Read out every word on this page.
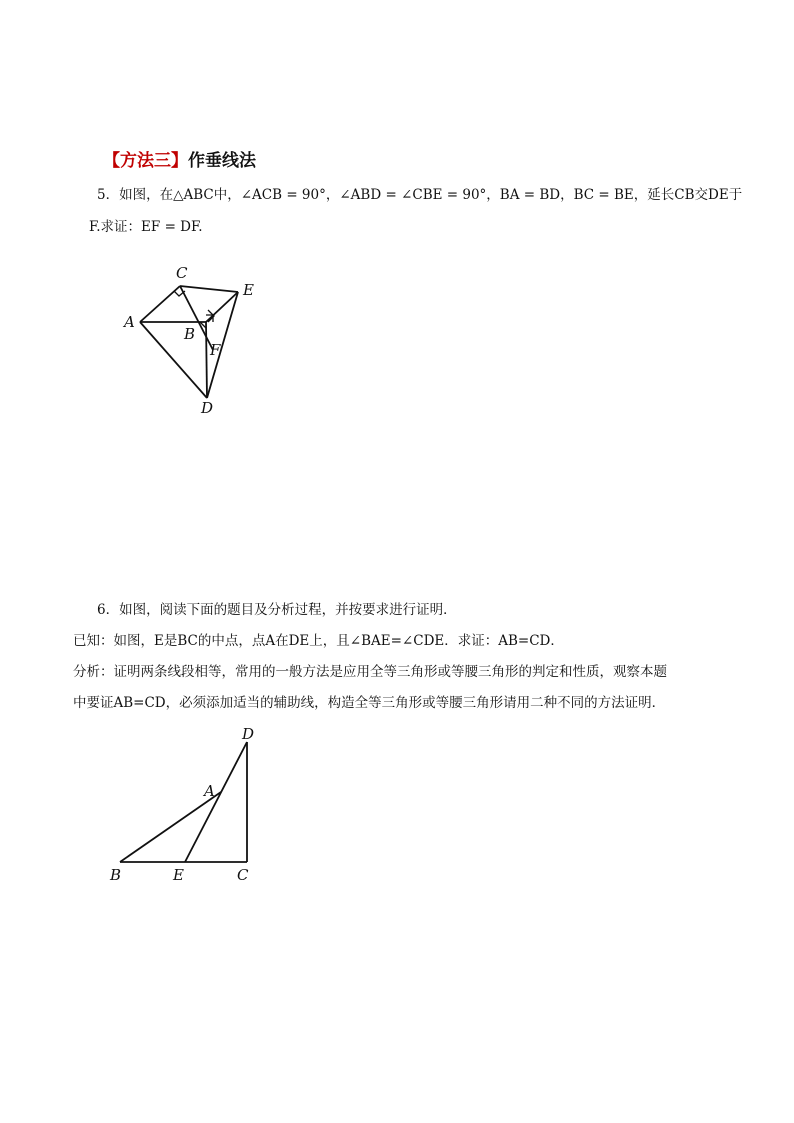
【方法三】作垂线法
5．如图，在△ABC中，∠ACB = 90°，∠ABD = ∠CBE = 90°，BA = BD，BC = BE，延长CB交DE于
F.求证：EF = DF.
A
C
E
B
F
D
6．如图，阅读下面的题目及分析过程，并按要求进行证明．
已知：如图，E是BC的中点，点A在DE上，且∠BAE=∠CDE．求证：AB=CD．
分析：证明两条线段相等，常用的一般方法是应用全等三角形或等腰三角形的判定和性质，观察本题
中要证AB=CD，必须添加适当的辅助线，构造全等三角形或等腰三角形请用二种不同的方法证明．
D
A
B	E	C
